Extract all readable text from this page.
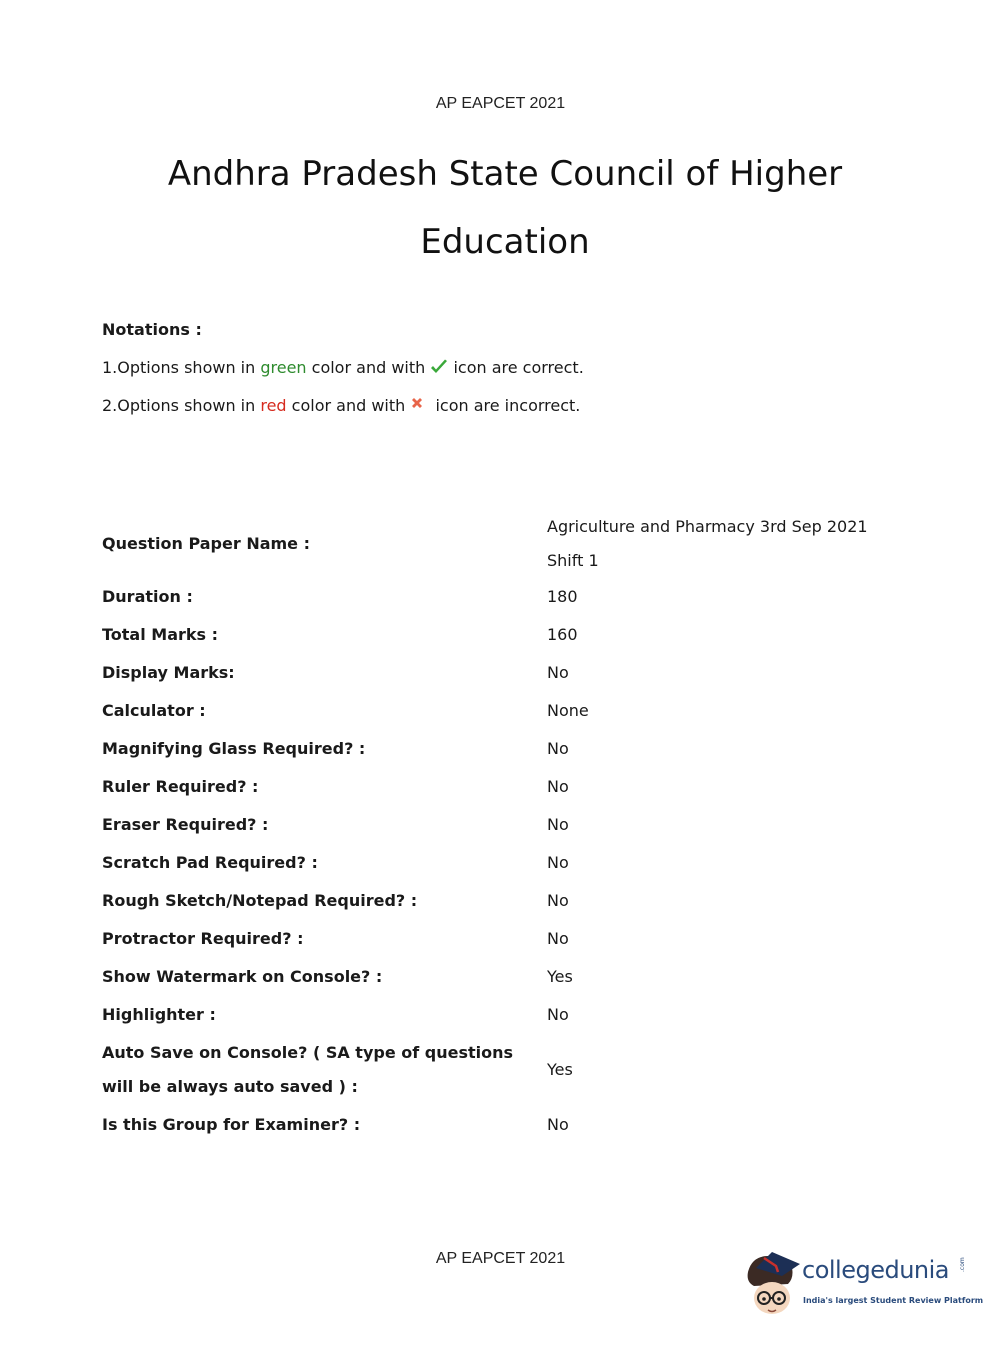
AP EAPCET 2021
Andhra Pradesh State Council of Higher
Education
Notations :
1.Options shown in green color and with  icon are correct.
2.Options shown in red color and with  icon are incorrect.
Question Paper Name :	Agriculture and Pharmacy 3rd Sep 2021 Shift 1
Duration :	180
Total Marks :	160
Display Marks:	No
Calculator :	None
Magnifying Glass Required? :	No
Ruler Required? :	No
Eraser Required? :	No
Scratch Pad Required? :	No
Rough Sketch/Notepad Required? :	No
Protractor Required? :	No
Show Watermark on Console? :	Yes
Highlighter :	No
Auto Save on Console? ( SA type of questions will be always auto saved ) :	Yes
Is this Group for Examiner? :	No
AP EAPCET 2021	collegedunia .com
India's largest Student Review Platform
